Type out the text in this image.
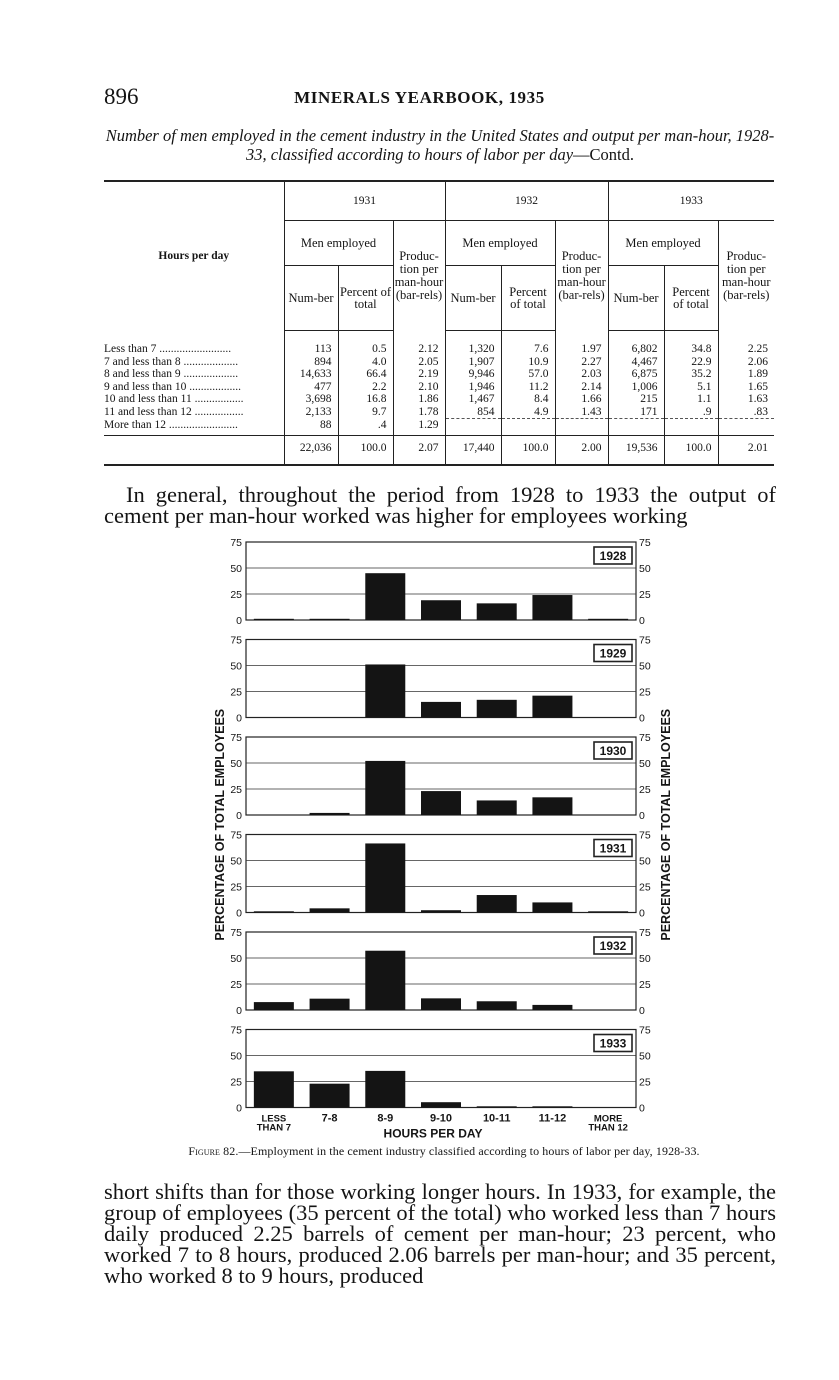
896	MINERALS YEARBOOK, 1935
Number of men employed in the cement industry in the United States and output per man-hour, 1928-33, classified according to hours of labor per day—Contd.
Hours per day	1931			1932			1933		
	Men employed		Produc-tion per man-hour (bar-rels)	Men employed		Produc-tion per man-hour (bar-rels)	Men employed		Produc-tion per man-hour (bar-rels)
	Num-ber	Percent of total		Num-ber	Percent of total		Num-ber	Percent of total	
Less than 7 .........................	113	0.5	2.12	1,320	7.6	1.97	6,802	34.8	2.25
7 and less than 8 ...................	894	4.0	2.05	1,907	10.9	2.27	4,467	22.9	2.06
8 and less than 9 ...................	14,633	66.4	2.19	9,946	57.0	2.03	6,875	35.2	1.89
9 and less than 10 ..................	477	2.2	2.10	1,946	11.2	2.14	1,006	5.1	1.65
10 and less than 11 .................	3,698	16.8	1.86	1,467	8.4	1.66	215	1.1	1.63
11 and less than 12 .................	2,133	9.7	1.78	854	4.9	1.43	171	.9	.83
More than 12 ........................	88	.4	1.29						
	22,036	100.0	2.07	17,440	100.0	2.00	19,536	100.0	2.01
In general, throughout the period from 1928 to 1933 the output of cement per man-hour worked was higher for employees working
0	0
25	25
50	50
75	75
1928
0	0
25	25
50	50
75	75
1929
0	0
25	25
50	50
75	75
1930
0	0
25	25
50	50
75	75
1931
0	0
25	25
50	50
75	75
1932
0	0
25	25
50	50
75	75
1933
LESS
THAN 7
7-8	8-9	9-10	10-11	11-12	MORE
THAN 12
HOURS PER DAY
PERCENTAGE OF TOTAL EMPLOYEES	PERCENTAGE OF TOTAL EMPLOYEES
Figure 82.—Employment in the cement industry classified according to hours of labor per day, 1928-33.
short shifts than for those working longer hours. In 1933, for example, the group of employees (35 percent of the total) who worked less than 7 hours daily produced 2.25 barrels of cement per man-hour; 23 percent, who worked 7 to 8 hours, produced 2.06 barrels per man-hour; and 35 percent, who worked 8 to 9 hours, produced
